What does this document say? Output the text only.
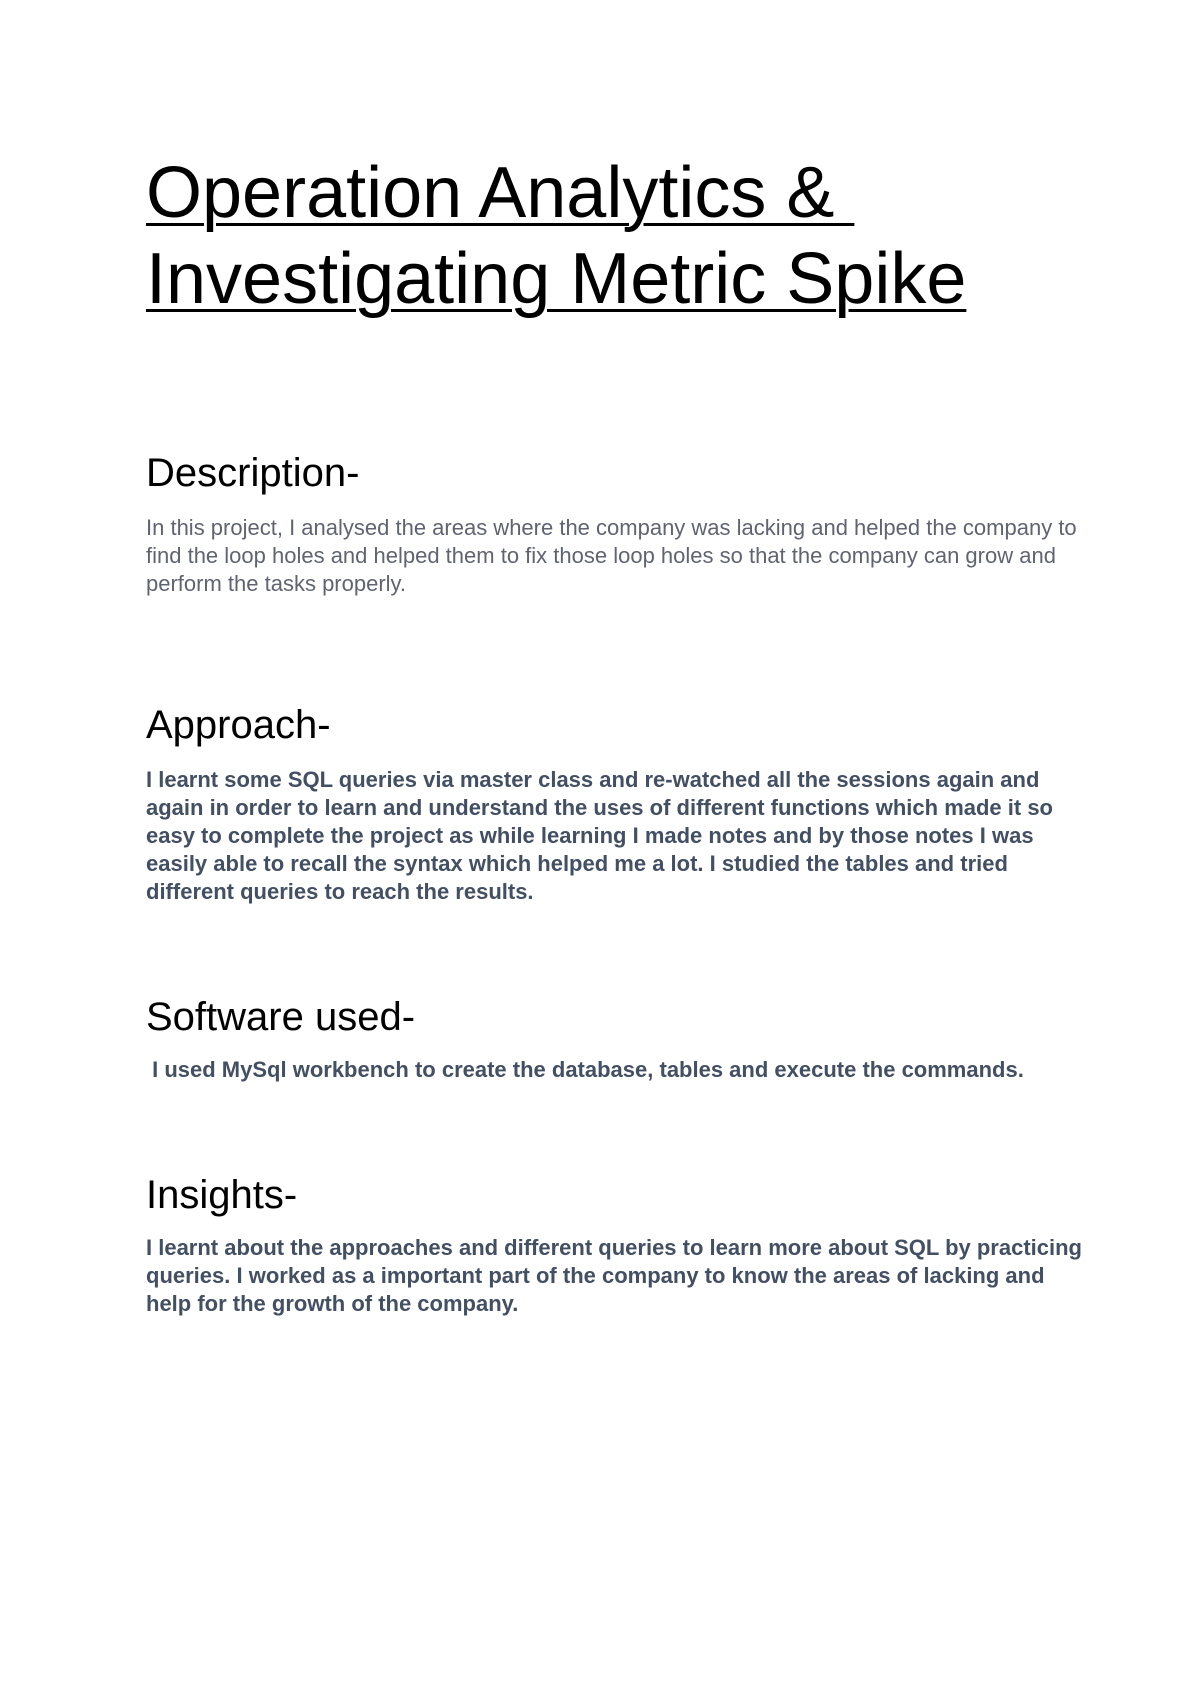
Operation Analytics &
Investigating Metric Spike
Description-

In this project, I analysed the areas where the company was lacking and helped the company to find the loop holes and helped them to fix those loop holes so that the company can grow and perform the tasks properly.

Approach-

I learnt some SQL queries via master class and re-watched all the sessions again and again in order to learn and understand the uses of different functions which made it so easy to complete the project as while learning I made notes and by those notes I was easily able to recall the syntax which helped me a lot. I studied the tables and tried different queries to reach the results.

Software used-

I used MySql workbench to create the database, tables and execute the commands.

Insights-

I learnt about the approaches and different queries to learn more about SQL by practicing queries. I worked as a important part of the company to know the areas of lacking and help for the growth of the company.
